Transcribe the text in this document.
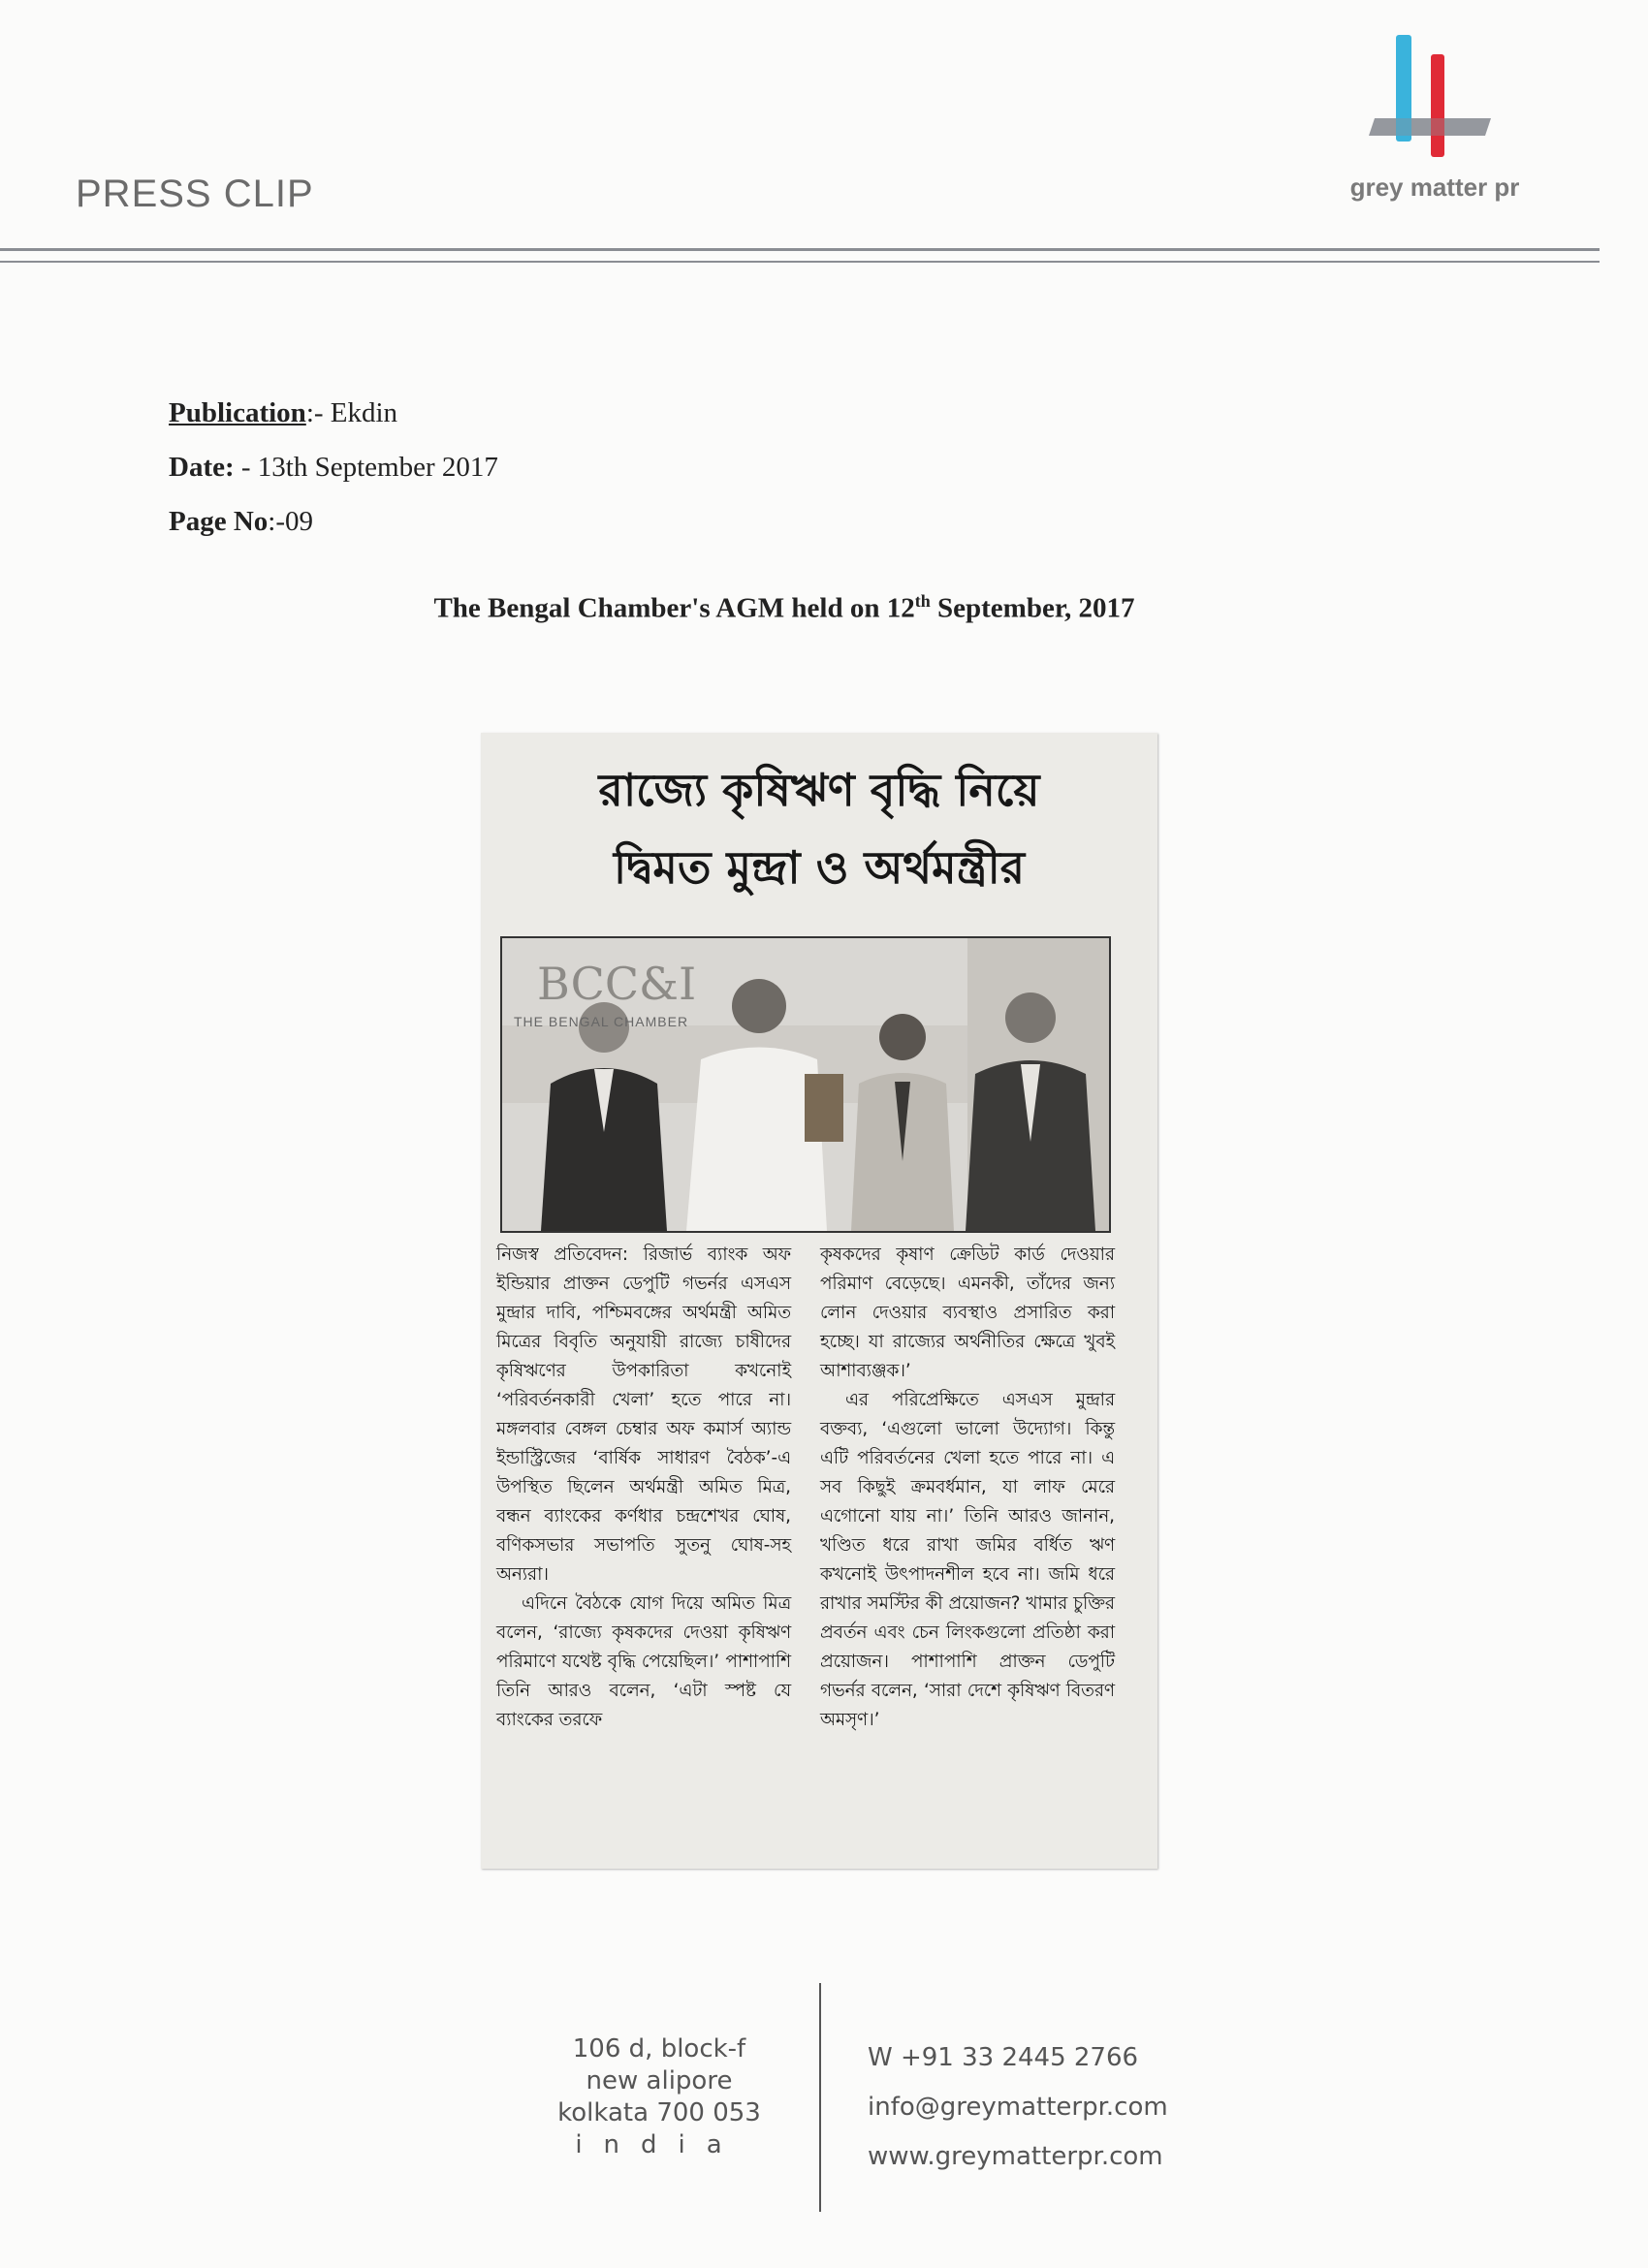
PRESS CLIP	grey matter pr
Publication:- Ekdin
Date: - 13th September 2017
Page No:-09
The Bengal Chamber's AGM held on 12th September, 2017
রাজ্যে কৃষিঋণ বৃদ্ধি নিয়ে
দ্বিমত মুন্দ্রা ও অর্থমন্ত্রীর
BCC&I
THE BENGAL CHAMBER

নিজস্ব প্রতিবেদন: রিজার্ভ ব্যাংক অফ ইন্ডিয়ার প্রাক্তন ডেপুটি গভর্নর এসএস মুন্দ্রার দাবি, পশ্চিমবঙ্গের অর্থমন্ত্রী অমিত মিত্রের বিবৃতি অনুযায়ী রাজ্যে চাষীদের কৃষিঋণের উপকারিতা কখনোই ‘পরিবর্তনকারী খেলা’ হতে পারে না। মঙ্গলবার বেঙ্গল চেম্বার অফ কমার্স অ্যান্ড ইন্ডাস্ট্রিজের ‘বার্ষিক সাধারণ বৈঠক’-এ উপস্থিত ছিলেন অর্থমন্ত্রী অমিত মিত্র, বন্ধন ব্যাংকের কর্ণধার চন্দ্রশেখর ঘোষ, বণিকসভার সভাপতি সুতনু ঘোষ-সহ অন্যরা।

এদিনে বৈঠকে যোগ দিয়ে অমিত মিত্র বলেন, ‘রাজ্যে কৃষকদের দেওয়া কৃষিঋণ পরিমাণে যথেষ্ট বৃদ্ধি পেয়েছিল।’ পাশাপাশি তিনি আরও বলেন, ‘এটা স্পষ্ট যে ব্যাংকের তরফে

কৃষকদের কৃষাণ ক্রেডিট কার্ড দেওয়ার পরিমাণ বেড়েছে। এমনকী, তাঁদের জন্য লোন দেওয়ার ব্যবস্থাও প্রসারিত করা হচ্ছে। যা রাজ্যের অর্থনীতির ক্ষেত্রে খুবই আশাব্যঞ্জক।’

এর পরিপ্রেক্ষিতে এসএস মুন্দ্রার বক্তব্য, ‘এগুলো ভালো উদ্যোগ। কিন্তু এটি পরিবর্তনের খেলা হতে পারে না। এ সব কিছুই ক্রমবর্ধমান, যা লাফ মেরে এগোনো যায় না।’ তিনি আরও জানান, খণ্ডিত ধরে রাখা জমির বর্ধিত ঋণ কখনোই উৎপাদনশীল হবে না। জমি ধরে রাখার সমস্টির কী প্রয়োজন? খামার চুক্তির প্রবর্তন এবং চেন লিংকগুলো প্রতিষ্ঠা করা প্রয়োজন। পাশাপাশি প্রাক্তন ডেপুটি গভর্নর বলেন, ‘সারা দেশে কৃষিঋণ বিতরণ অমসৃণ।’

106 d, block-f
new alipore
kolkata 700 053
india
W +91 33 2445 2766
info@greymatterpr.com
www.greymatterpr.com
